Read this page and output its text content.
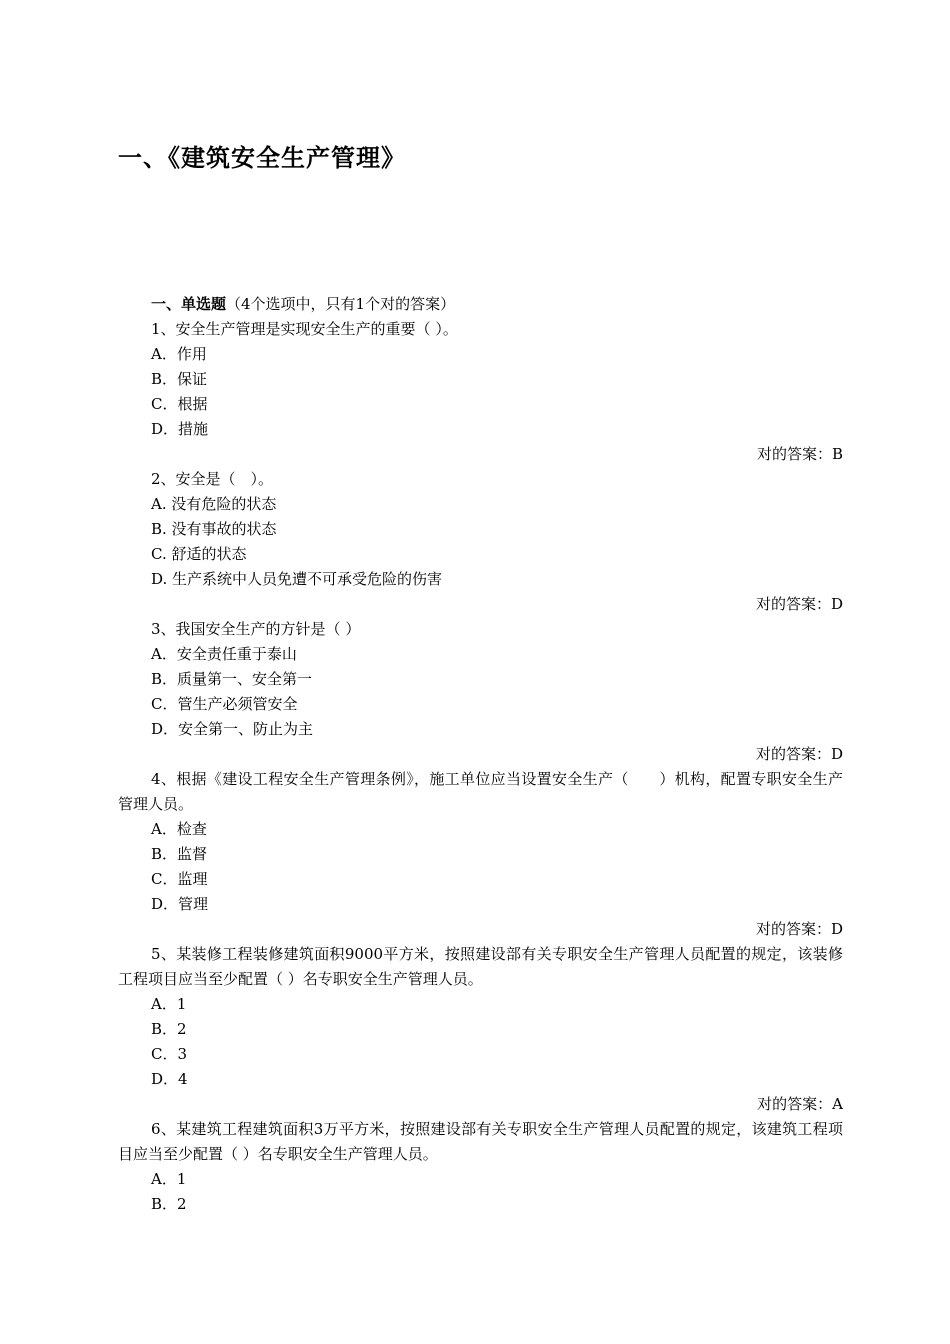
一、《建筑安全生产管理》
一、单选题（4个选项中，只有1个对的答案）
1、安全生产管理是实现安全生产的重要（ ）。
A．作用
B．保证
C．根据
D．措施
对的答案：B
2、安全是（　）。
A. 没有危险的状态
B. 没有事故的状态
C. 舒适的状态
D. 生产系统中人员免遭不可承受危险的伤害
对的答案：D
3、我国安全生产的方针是（ ）
A．安全责任重于泰山
B．质量第一、安全第一
C．管生产必须管安全
D．安全第一、防止为主
对的答案：D
4、根据《建设工程安全生产管理条例》，施工单位应当设置安全生产（　　）机构，配置专职安全生产管理人员。
A．检查
B．监督
C．监理
D．管理
对的答案：D
5、某装修工程装修建筑面积9000平方米，按照建设部有关专职安全生产管理人员配置的规定，该装修工程项目应当至少配置（ ）名专职安全生产管理人员。
A．1
B．2
C．3
D．4
对的答案：A
6、某建筑工程建筑面积3万平方米，按照建设部有关专职安全生产管理人员配置的规定，该建筑工程项目应当至少配置（ ）名专职安全生产管理人员。
A．1
B．2
